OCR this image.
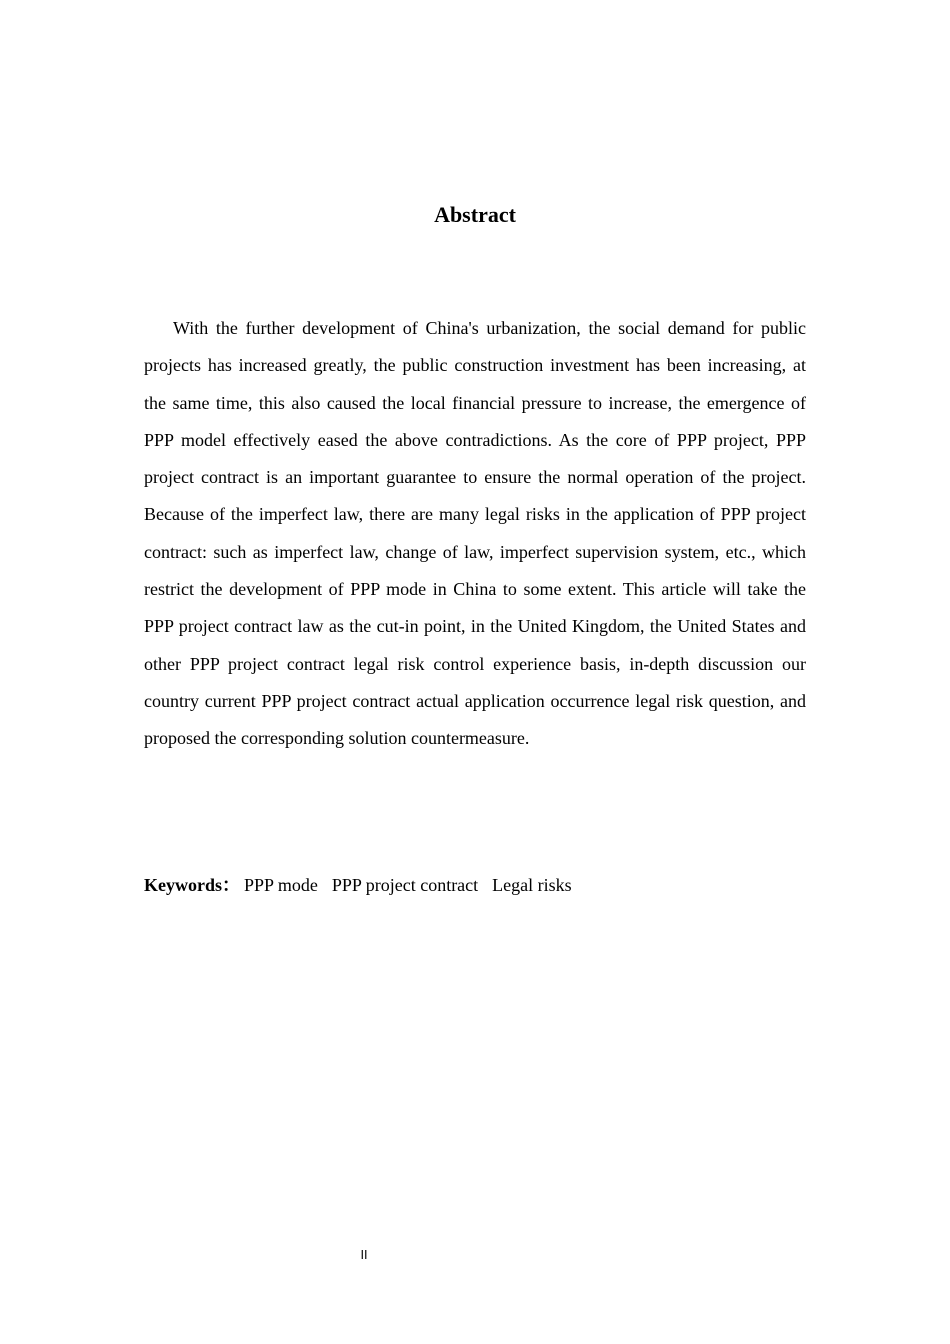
Abstract

With the further development of China's urbanization, the social demand for public projects has increased greatly, the public construction investment has been increasing, at the same time, this also caused the local financial pressure to increase, the emergence of PPP model effectively eased the above contradictions. As the core of PPP project, PPP project contract is an important guarantee to ensure the normal operation of the project. Because of the imperfect law, there are many legal risks in the application of PPP project contract: such as imperfect law, change of law, imperfect supervision system, etc., which restrict the development of PPP mode in China to some extent. This article will take the PPP project contract law as the cut-in point, in the United Kingdom, the United States and other PPP project contract legal risk control experience basis, in-depth discussion our country current PPP project contract actual application occurrence legal risk question, and proposed the corresponding solution countermeasure.

Keywords： PPP mode PPP project contract Legal risks
II
